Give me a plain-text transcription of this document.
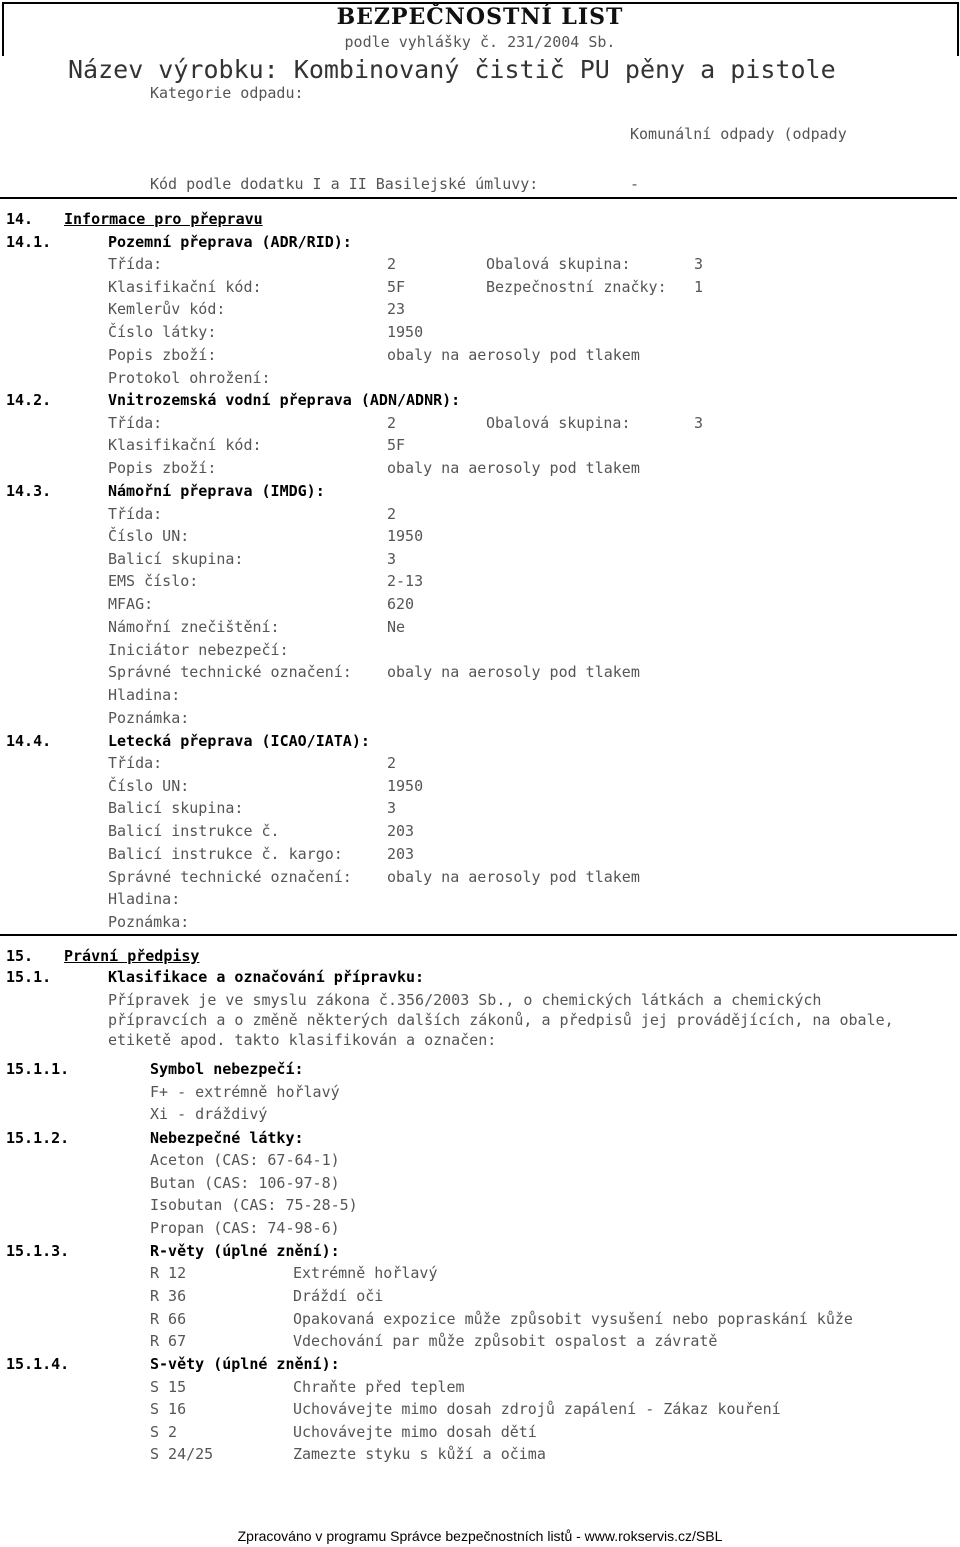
BEZPEČNOSTNÍ LIST
podle vyhlášky č. 231/2004 Sb.
Název výrobku: Kombinovaný čistič PU pěny a pistole
Kategorie odpadu:

Komunální odpady (odpady

Kód podle dodatku I a II Basilejské úmluvy:	-
14. Informace pro přepravu
14.1.	Pozemní přeprava (ADR/RID):
Třída:	2	Obalová skupina:	3
Klasifikační kód:	5F	Bezpečnostní značky: 1
Kemlerův kód:	23
Číslo látky:	1950
Popis zboží:	obaly na aerosoly pod tlakem
Protokol ohrožení:
14.2.	Vnitrozemská vodní přeprava (ADN/ADNR):
Třída:	2	Obalová skupina:	3
Klasifikační kód:	5F
Popis zboží:	obaly na aerosoly pod tlakem
14.3.	Námořní přeprava (IMDG):
Třída:	2
Číslo UN:	1950
Balicí skupina:	3
EMS číslo:	2-13
MFAG:	620
Námořní znečištění:	Ne
Iniciátor nebezpečí:
Správné technické označení: obaly na aerosoly pod tlakem
Hladina:
Poznámka:
14.4.	Letecká přeprava (ICAO/IATA):
Třída:	2
Číslo UN:	1950
Balicí skupina:	3
Balicí instrukce č.	203
Balicí instrukce č. kargo:	203
Správné technické označení: obaly na aerosoly pod tlakem
Hladina:
Poznámka:
15. Právní předpisy
15.1.	Klasifikace a označování přípravku:
Přípravek je ve smyslu zákona č.356/2003 Sb., o chemických látkách a chemických přípravcích a o změně některých dalších zákonů, a předpisů jej provádějících, na obale, etiketě apod. takto klasifikován a označen:
15.1.1.	Symbol nebezpečí:
F+ - extrémně hořlavý
Xi - dráždivý
15.1.2.	Nebezpečné látky:
Aceton (CAS: 67-64-1)
Butan (CAS: 106-97-8)
Isobutan (CAS: 75-28-5)
Propan (CAS: 74-98-6)
15.1.3.	R-věty (úplné znění):
R 12	Extrémně hořlavý
R 36	Dráždí oči
R 66	Opakovaná expozice může způsobit vysušení nebo popraskání kůže
R 67	Vdechování par může způsobit ospalost a závratě
15.1.4.	S-věty (úplné znění):
S 15	Chraňte před teplem
S 16	Uchovávejte mimo dosah zdrojů zapálení - Zákaz kouření
S 2	Uchovávejte mimo dosah dětí
S 24/25	Zamezte styku s kůží a očima
Zpracováno v programu Správce bezpečnostních listů - www.rokservis.cz/SBL
